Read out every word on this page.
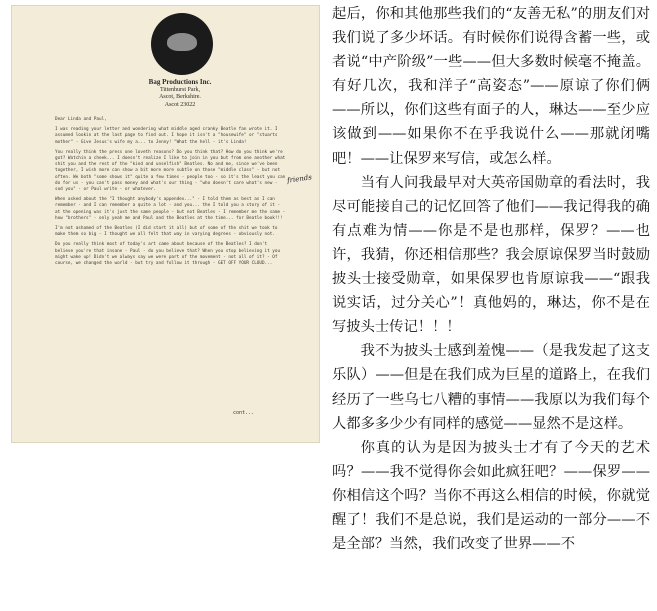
Bag Productions Inc.
Tittenhurst Park,
Ascot, Berkshire.
Ascot 23022

Dear Linda and Paul,

I was reading your letter and wondering what middle aged cranky Beatle fan wrote it. I assumed lookin at the last page to find out. I hope it isn't a "housewife" or "stuarts mother" - Give Jesus's wife my a... to Jenny! "What the hell - it's Linda!

You really think the press one loveth reasons? Do you think that? How do you think we're got? Watchin a cheek... I doesn't realize I like to join in you but from one another what shit you and the rest of the "kind and unselfish" Beatles. No and me, since we've been together, I wish more can show a bit more more subtle on those "middle class" - but not often. We both "some shows it" quite a few times - people too - so it's the least you can do for us - you can't pass money and what's our thing - "who doesn't care what's new - sod you" - or Paul write - or whatever.

When asked about the "I thought anybody's appendex..." - I told them as best as I can remember - and I can remember a quite a lot - and you... the I told you a story of it - at the opening was it's just the same people - but not Beatles - I remember me the same - how "brothers" - only yeah me and Paul and the Beatles at the time... for Beatle book!!!

I'm not ashamed of the Beatles (I did start it all) but of some of the shit we took to make them so big - I thought we all felt that way in varying degrees - obviously not.

Do you really think most of today's art came about because of the Beatles? I don't believe you're that insane - Paul - do you believe that? When you stop believing it you might wake up! Didn't we always say we were part of the movement - not all of it? - Of course, we changed the world - but try and follow it through - GET OFF YOUR CLOUD...

friends
cont...

起后，你和其他那些我们的“友善无私”的朋友们对我们说了多少坏话。有时候你们说得含蓄一些，或者说“中产阶级”一些——但大多数时候毫不掩盖。有好几次，我和洋子“高姿态”——原谅了你们俩——所以，你们这些有面子的人，琳达——至少应该做到——如果你不在乎我说什么——那就闭嘴吧！——让保罗来写信，或怎么样。

当有人问我最早对大英帝国勋章的看法时，我尽可能接自己的记忆回答了他们——我记得我的确有点难为情——你是不是也那样，保罗？——也许，我猜，你还相信那些？我会原谅保罗当时鼓励披头士接受勋章，如果保罗也肯原谅我——“跟我说实话，过分关心”！真他妈的，琳达，你不是在写披头士传记！！！

我不为披头士感到羞愧——（是我发起了这支乐队）——但是在我们成为巨星的道路上，在我们经历了一些乌七八糟的事情——我原以为我们每个人都多多少少有同样的感觉——显然不是这样。

你真的认为是因为披头士才有了今天的艺术吗？——我不觉得你会如此疯狂吧？——保罗——你相信这个吗？当你不再这么相信的时候，你就觉醒了！我们不是总说，我们是运动的一部分——不是全部？当然，我们改变了世界——不
